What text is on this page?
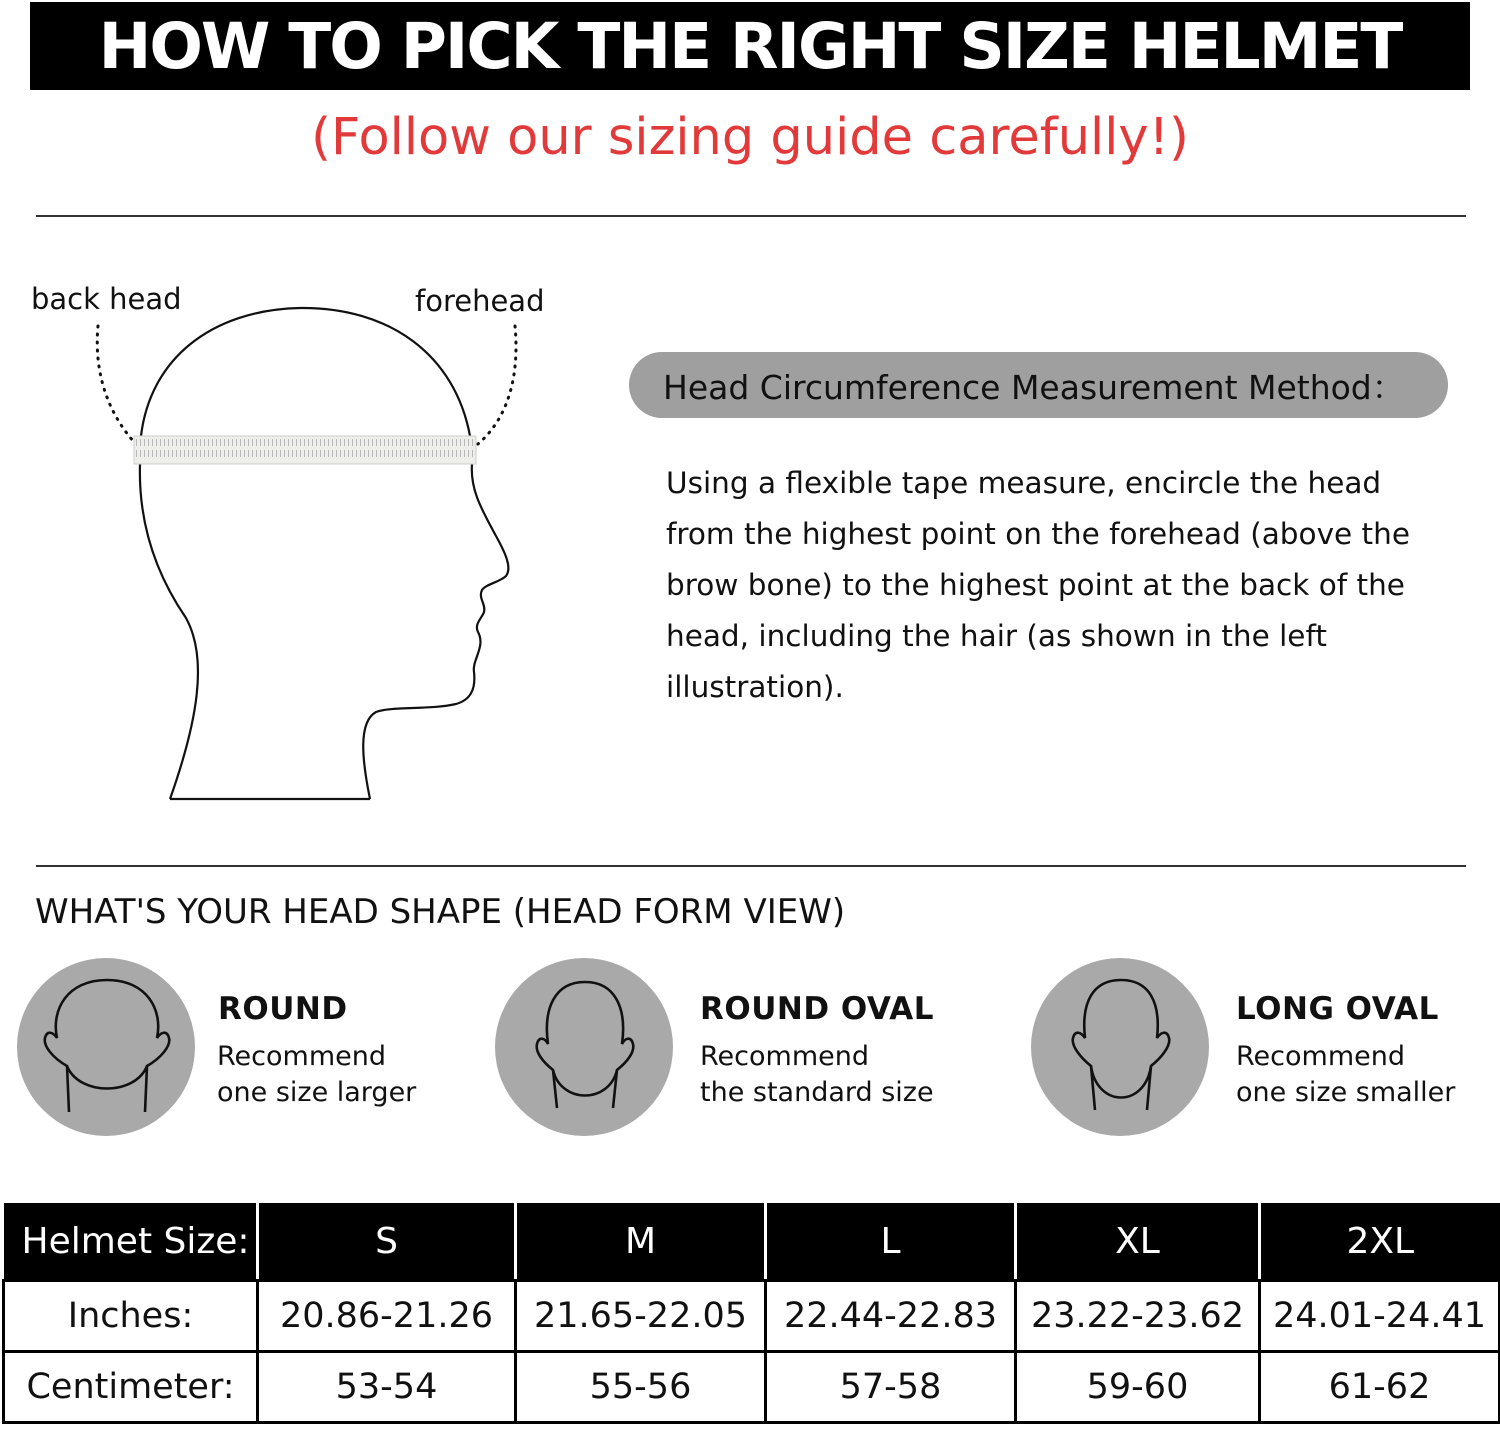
HOW TO PICK THE RIGHT SIZE HELMET
(Follow our sizing guide carefully!)
back head	forehead
Head Circumference Measurement Method：
Using a flexible tape measure, encircle the head
from the highest point on the forehead (above the
brow bone) to the highest point at the back of the
head, including the hair (as shown in the left
illustration).
WHAT'S YOUR HEAD SHAPE (HEAD FORM VIEW)
ROUND
Recommend
one size larger
ROUND OVAL
Recommend
the standard size
LONG OVAL
Recommend
one size smaller
Helmet Size:	S	M	L	XL	2XL
Inches:	20.86-21.26	21.65-22.05	22.44-22.83	23.22-23.62	24.01-24.41
Centimeter:	53-54	55-56	57-58	59-60	61-62
